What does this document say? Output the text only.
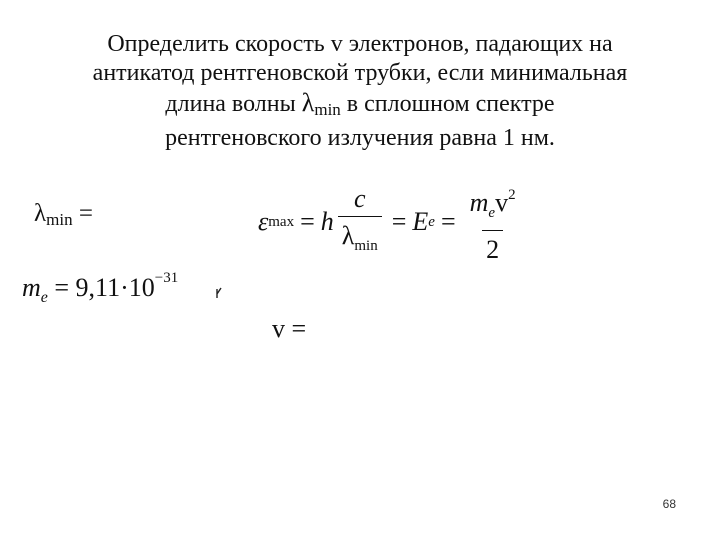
Определить скорость v электронов, падающих на
антикатод рентгеновской трубки, если минимальная
длина волны $\lambda_{min}$ в сплошном спектре
рентгеновского излучения равна 1 нм.
$\lambda_{min}$ =
$m_e = 9,11\cdot 10^{-31}$
ε max = h $\frac{c}{\lambda_{min}} = E$ $e = \frac{m_ev^2}{2}$
v =
68
